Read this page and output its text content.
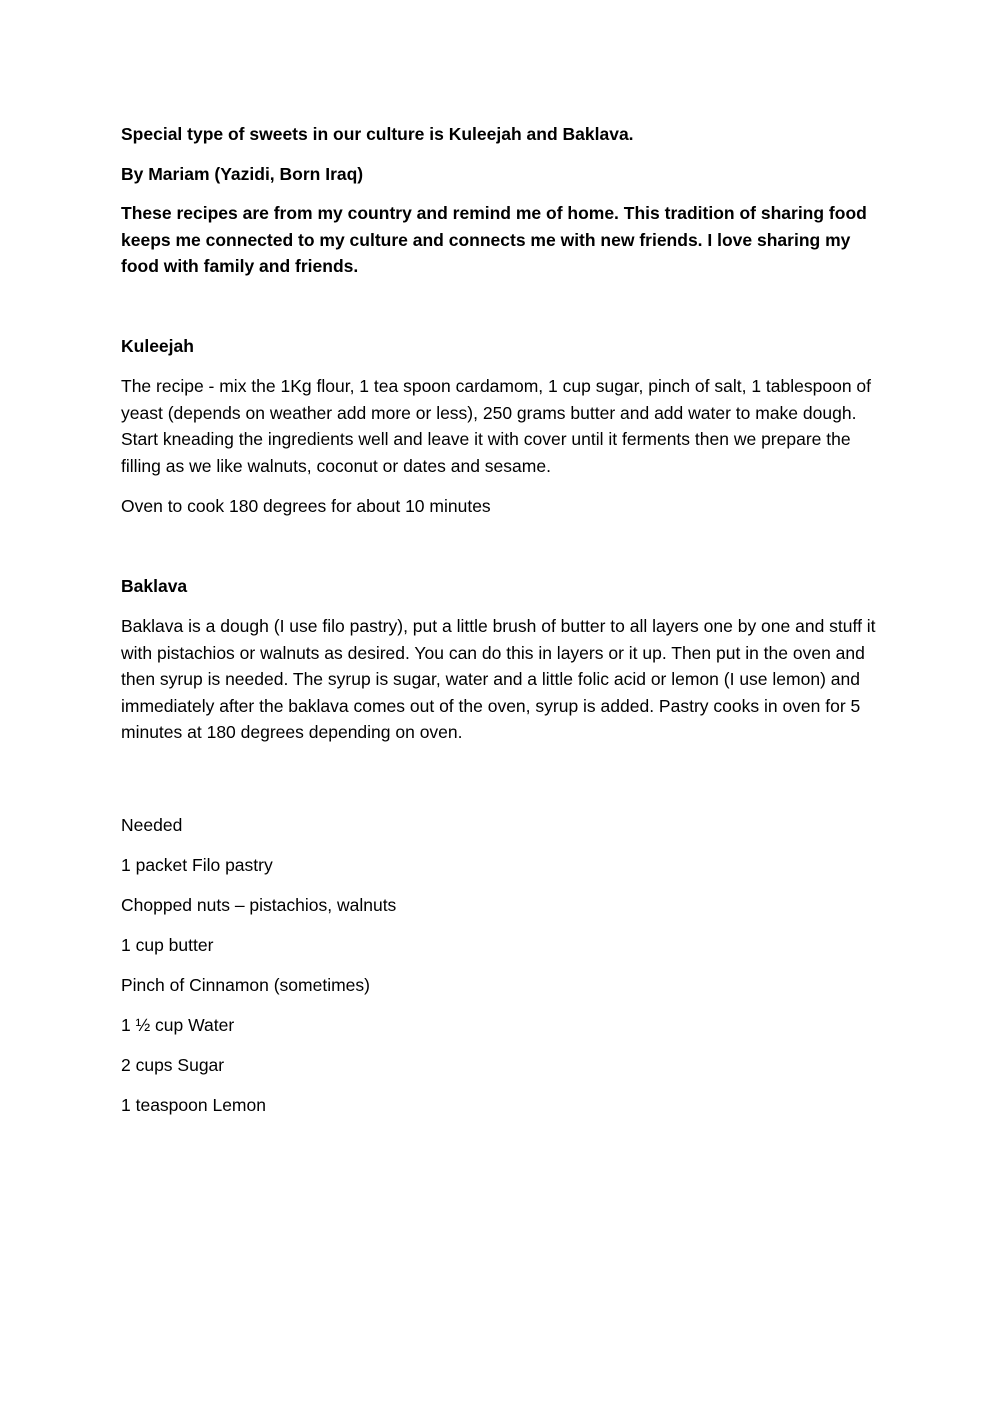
Special type of sweets in our culture is Kuleejah and Baklava.

By Mariam (Yazidi, Born Iraq)

These recipes are from my country and remind me of home. This tradition of sharing food keeps me connected to my culture and connects me with new friends. I love sharing my food with family and friends.

Kuleejah

The recipe - mix the 1Kg flour, 1 tea spoon cardamom, 1 cup sugar, pinch of salt, 1 tablespoon of yeast (depends on weather add more or less), 250 grams butter and add water to make dough. Start kneading the ingredients well and leave it with cover until it ferments then we prepare the filling as we like walnuts, coconut or dates and sesame.

Oven to cook 180 degrees for about 10 minutes

Baklava

Baklava is a dough (I use filo pastry), put a little brush of butter to all layers one by one and stuff it with pistachios or walnuts as desired. You can do this in layers or it up. Then put in the oven and then syrup is needed. The syrup is sugar, water and a little folic acid or lemon (I use lemon) and immediately after the baklava comes out of the oven, syrup is added. Pastry cooks in oven for 5 minutes at 180 degrees depending on oven.

Needed

1 packet Filo pastry

Chopped nuts – pistachios, walnuts

1 cup butter

Pinch of Cinnamon (sometimes)

1 ½ cup Water

2 cups Sugar

1 teaspoon Lemon
